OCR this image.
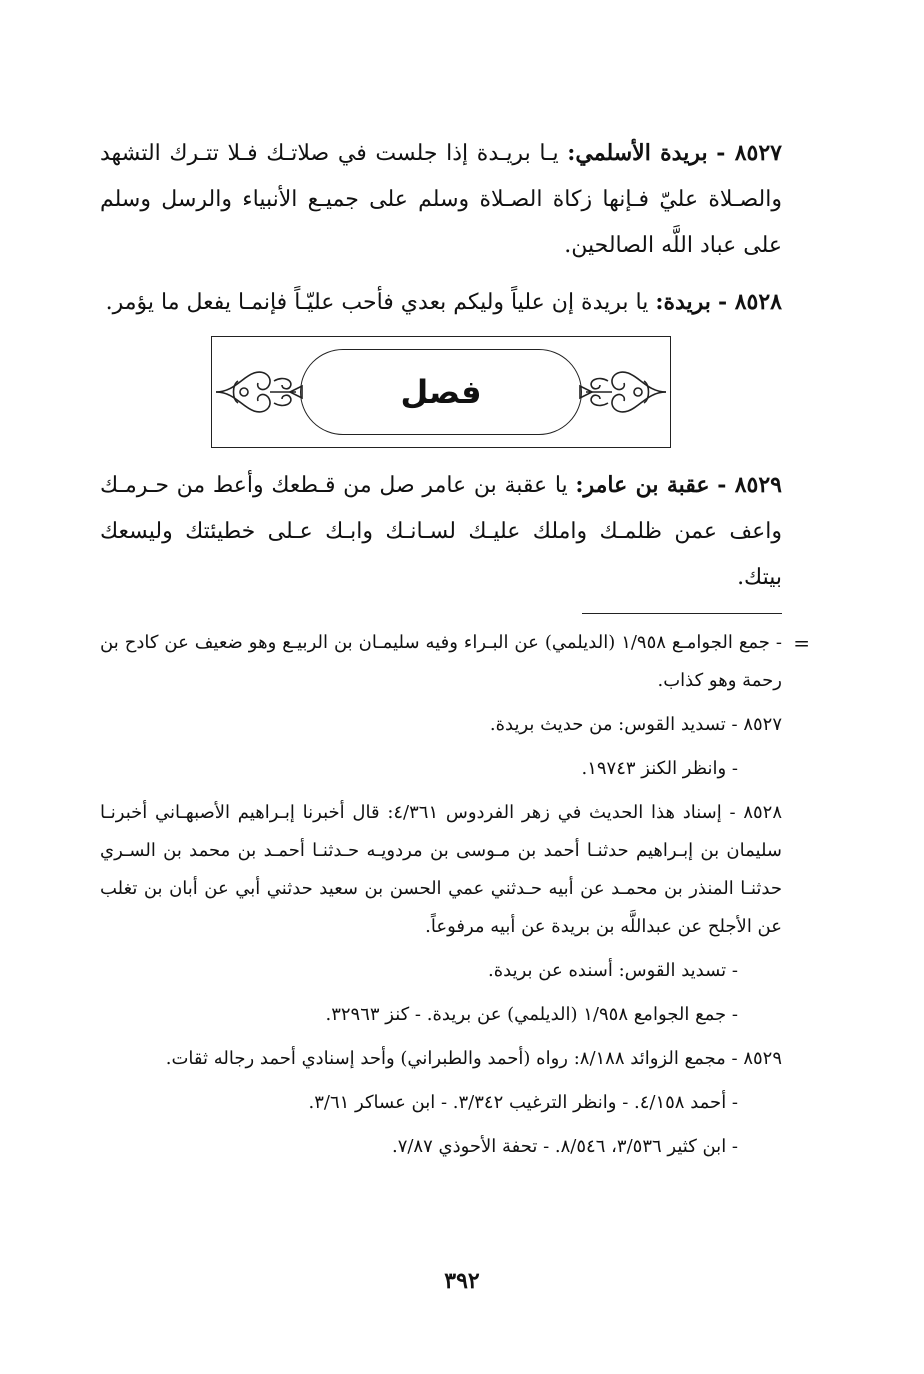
٨٥٢٧ - بريدة الأسلمي: يـا بريـدة إذا جلست في صلاتـك فـلا تتـرك التشهد والصـلاة عليّ فـإنها زكاة الصـلاة وسلم على جميـع الأنبياء والرسل وسلم على عباد اللَّه الصالحين.

٨٥٢٨ - بريدة: يا بريدة إن علياً وليكم بعدي فأحب عليّـاً فإنمـا يفعل ما يؤمر.

فصل

٨٥٢٩ - عقبة بن عامر: يا عقبة بن عامر صل من قـطعك وأعط من حـرمـك واعف عمن ظلمـك واملك عليـك لسـانـك وابـك عـلى خطيئتك وليسعك بيتك.

=
- جمع الجوامـع ١/٩٥٨ (الديلمي) عن البـراء وفيه سليمـان بن الربيـع وهو ضعيف عن كادح بن رحمة وهو كذاب.

٨٥٢٧ - تسديد القوس: من حديث بريدة.

- وانظر الكنز ١٩٧٤٣.

٨٥٢٨ - إسناد هذا الحديث في زهر الفردوس ٤/٣٦١: قال أخبرنا إبـراهيم الأصبهـاني أخبرنـا سليمان بن إبـراهيم حدثنـا أحمد بن مـوسى بن مردويـه حـدثنـا أحمـد بن محمد بن السـري حدثنـا المنذر بن محمـد عن أبيه حـدثني عمي الحسن بن سعيد حدثني أبي عن أبان بن تغلب عن الأجلح عن عبداللَّه بن بريدة عن أبيه مرفوعاً.

- تسديد القوس: أسنده عن بريدة.

- جمع الجوامع ١/٩٥٨ (الديلمي) عن بريدة. - كنز ٣٢٩٦٣.

٨٥٢٩ - مجمع الزوائد ٨/١٨٨: رواه (أحمد والطبراني) وأحد إسنادي أحمد رجاله ثقات.

- أحمد ٤/١٥٨. - وانظر الترغيب ٣/٣٤٢. - ابن عساكر ٣/٦١.

- ابن كثير ٣/٥٣٦، ٨/٥٤٦. - تحفة الأحوذي ٧/٨٧.

٣٩٢
